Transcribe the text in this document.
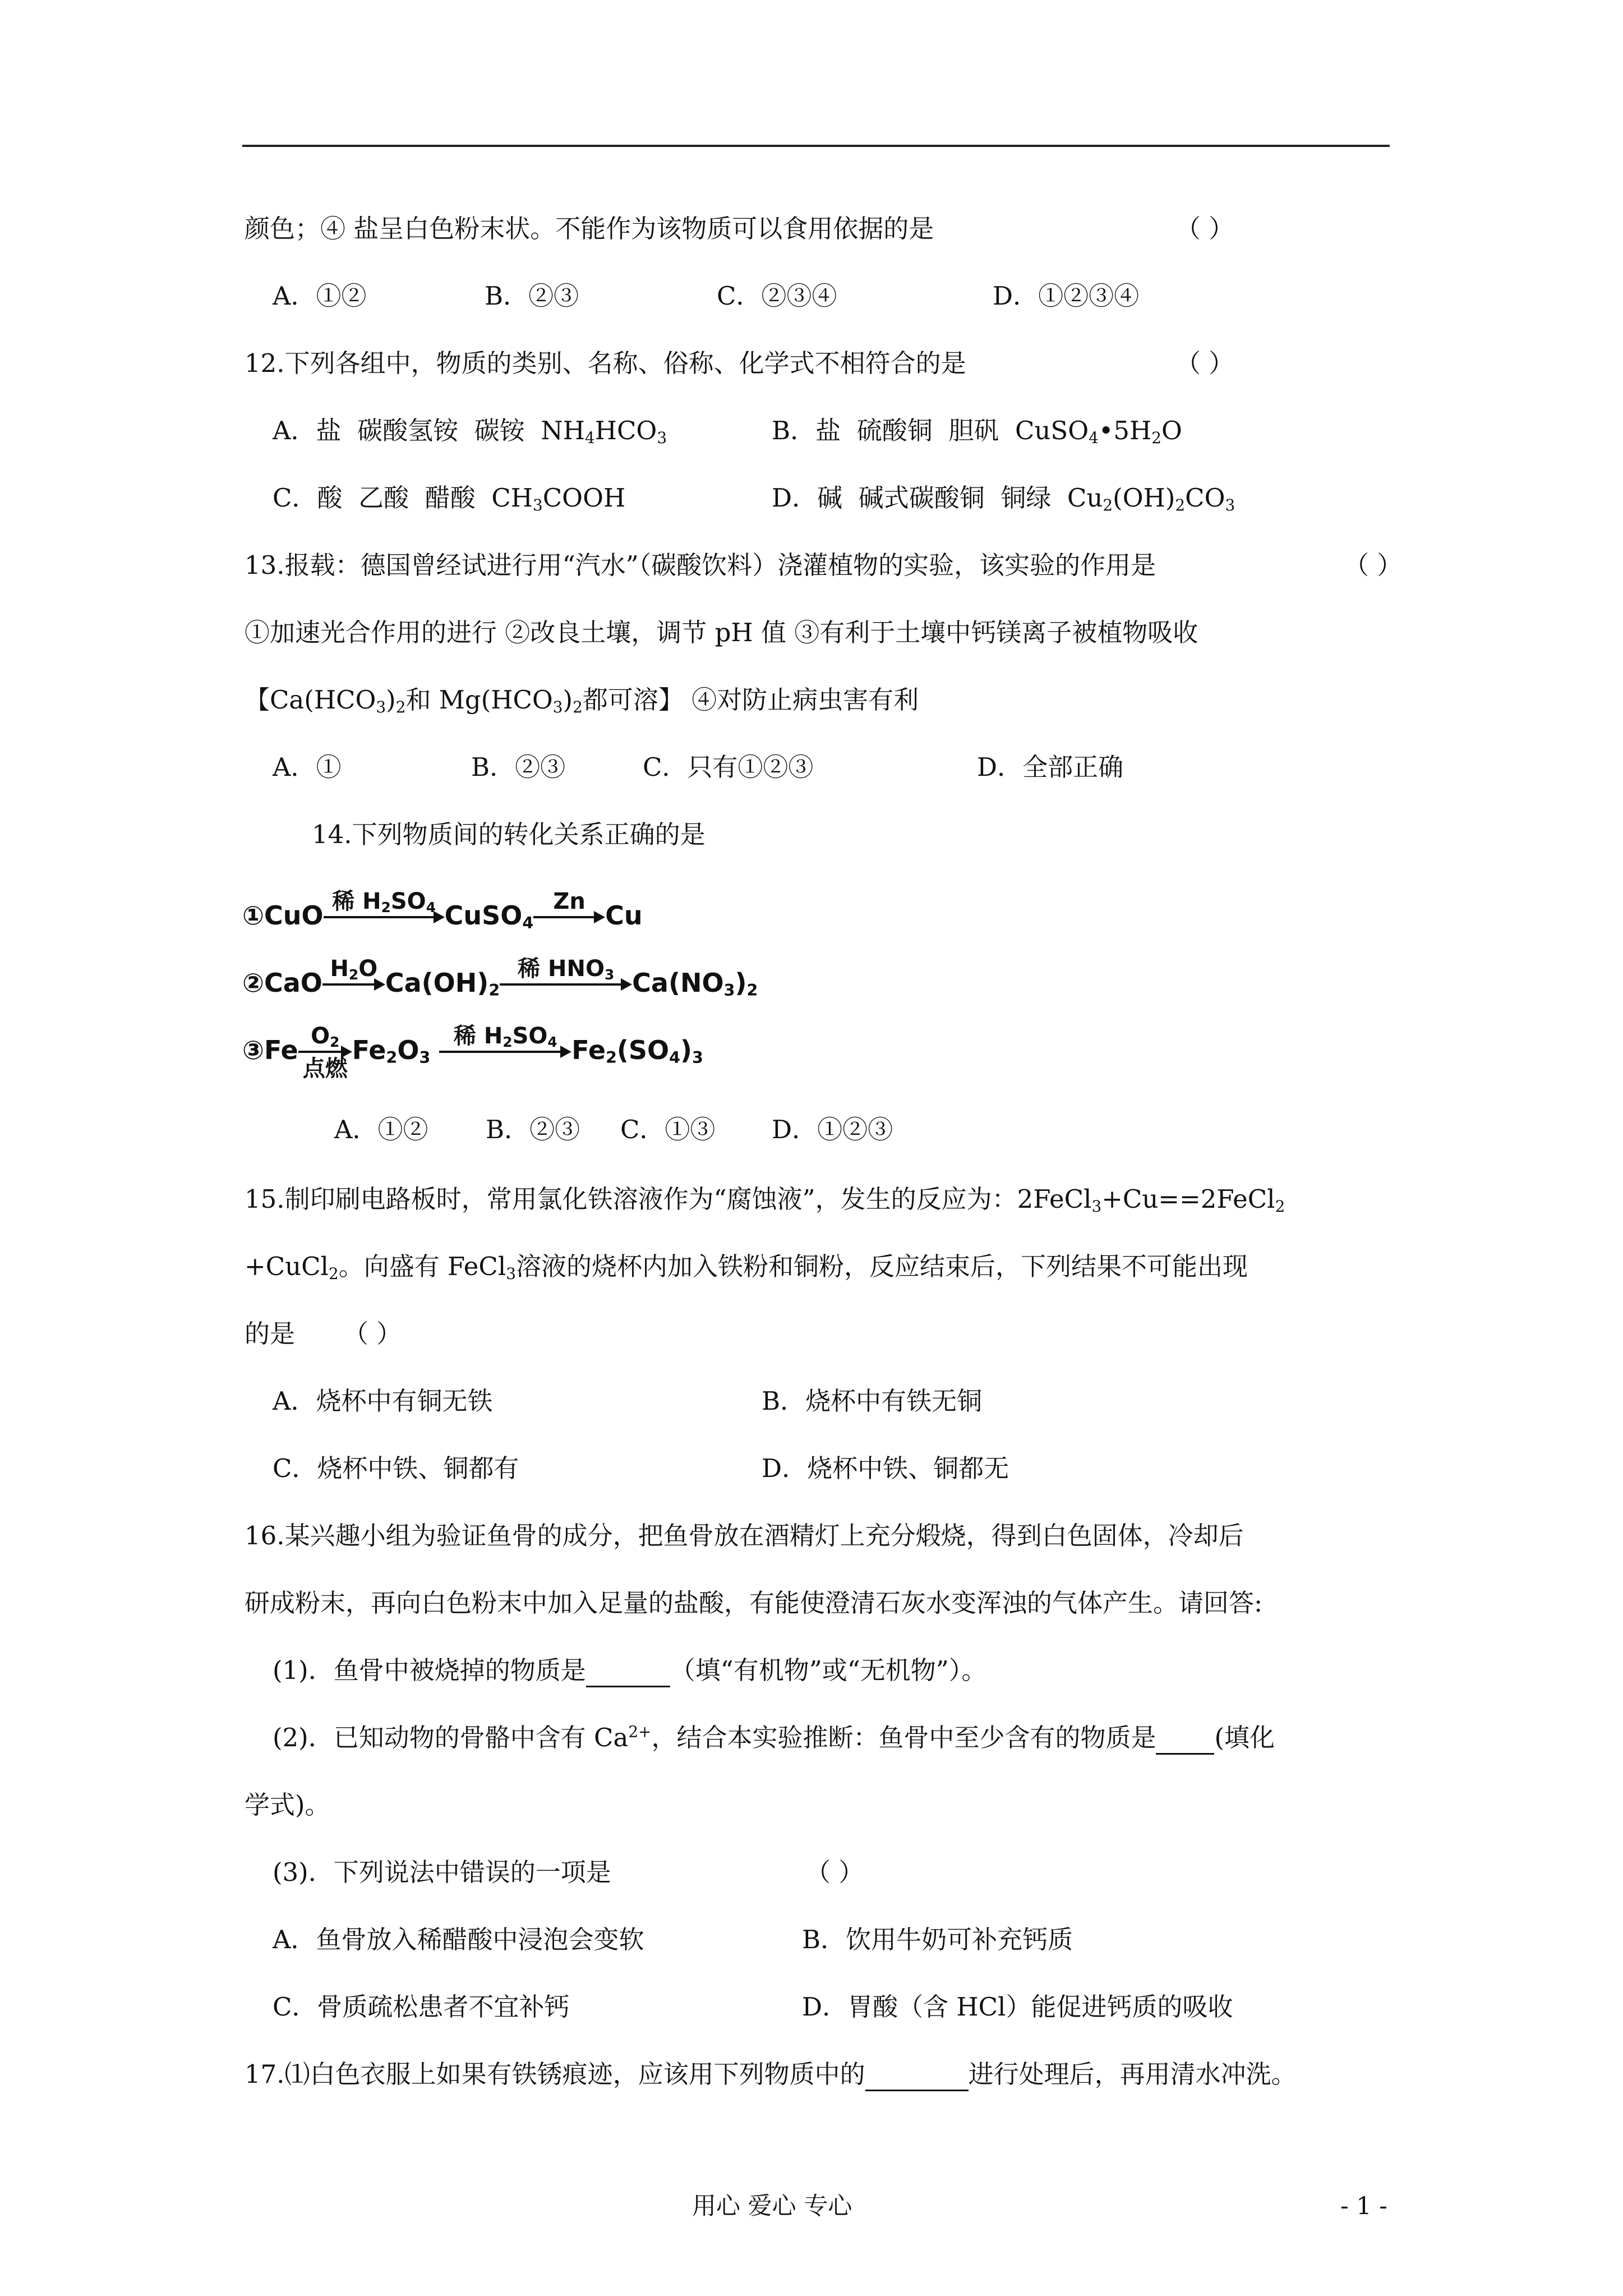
颜色；④ 盐呈白色粉末状。不能作为该物质可以食用依据的是	（ ）
A．①②	B．②③	C．②③④	D．①②③④
12.下列各组中，物质的类别、名称、俗称、化学式不相符合的是	（ ）
A．盐 碳酸氢铵 碳铵 $NH_4HCO_3$	B．盐 硫酸铜 胆矾 $CuSO_4•5H_2O$
C．酸 乙酸 醋酸 $CH_3COOH$	D．碱 碱式碳酸铜 铜绿 $Cu_2(OH)_2CO_3$
13.报载：德国曾经试进行用“汽水”（碳酸饮料）浇灌植物的实验，该实验的作用是	（ ）
①加速光合作用的进行 ②改良土壤，调节 pH 值 ③有利于土壤中钙镁离子被植物吸收
【$Ca(HCO_3)_2$和 $Mg(HCO_3)_2$都可溶】 ④对防止病虫害有利
A．①	B．②③	C．只有①②③	D．全部正确
14.下列物质间的转化关系正确的是
①CuO 稀 $H_2SO_4$ CuSO$_4$
Zn Cu
②CaO $H_2O$ $Ca(OH)_2$
稀 $HNO_3$ $Ca(NO_3)_2$
③Fe $O_2$
点燃
$Fe_2O_3$
稀 $H_2SO_4$ $Fe_2(SO_4)_3$
A．①② B．②③ C．①③ D．①②③
15.制印刷电路板时，常用氯化铁溶液作为“腐蚀液”，发生的反应为：2FeCl$_3$+Cu==2FeCl$_2$
+CuCl$_2$。向盛有 FeCl$_3$溶液的烧杯内加入铁粉和铜粉，反应结束后，下列结果不可能出现
的是 （ ）
A．烧杯中有铜无铁	B．烧杯中有铁无铜
C．烧杯中铁、铜都有	D．烧杯中铁、铜都无
16.某兴趣小组为验证鱼骨的成分，把鱼骨放在酒精灯上充分煅烧，得到白色固体，冷却后
研成粉末，再向白色粉末中加入足量的盐酸，有能使澄清石灰水变浑浊的气体产生。请回答:
(1)．鱼骨中被烧掉的物质是	（填“有机物”或“无机物”）。
(2)．已知动物的骨骼中含有 $Ca^{2+}$，结合本实验推断：鱼骨中至少含有的物质是 (填化
学式)。
(3)．下列说法中错误的一项是	（ ）
A．鱼骨放入稀醋酸中浸泡会变软	B．饮用牛奶可补充钙质
C．骨质疏松患者不宜补钙	D．胃酸（含 HCl）能促进钙质的吸收
17.⑴白色衣服上如果有铁锈痕迹，应该用下列物质中的	进行处理后，再用清水冲洗。
用心 爱心 专心	- 1 -
